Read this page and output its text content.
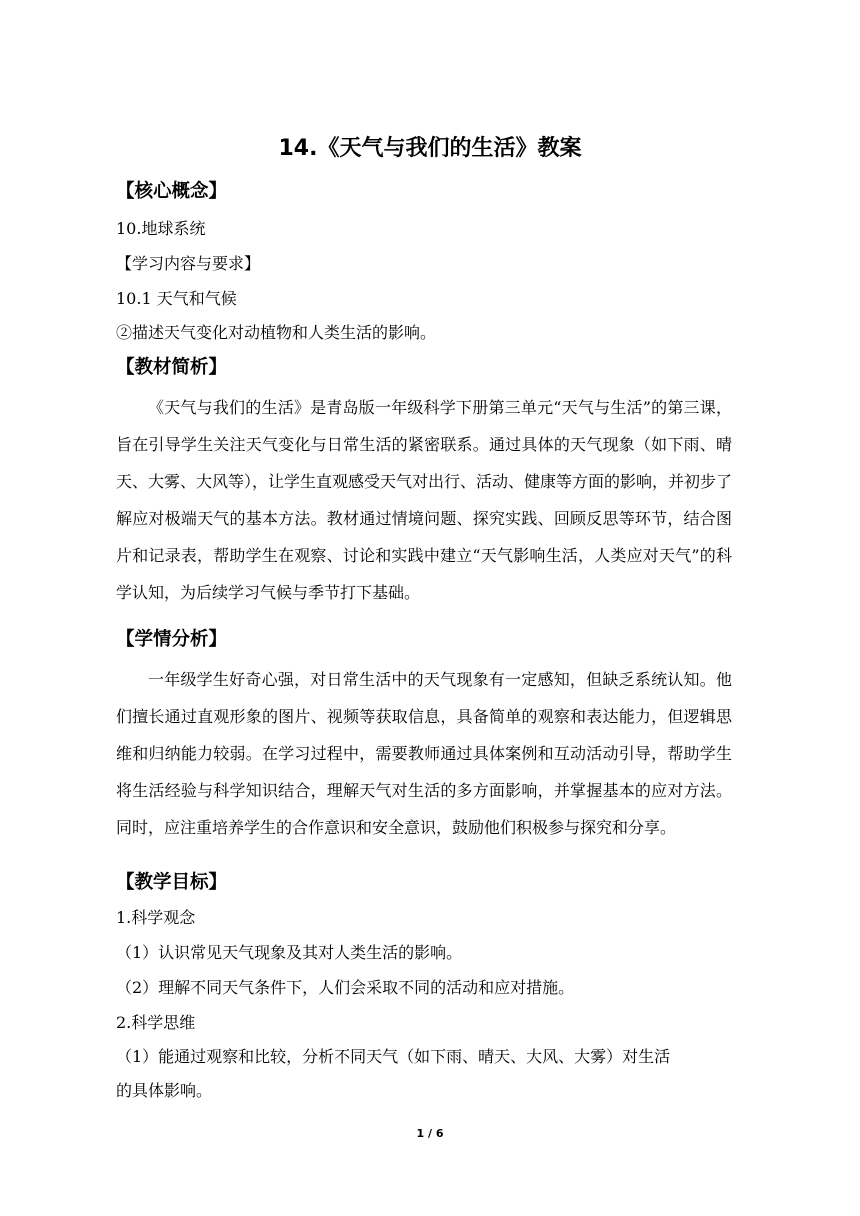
14.《天气与我们的生活》教案
【核心概念】
10.地球系统
【学习内容与要求】
10.1 天气和气候
②描述天气变化对动植物和人类生活的影响。
【教材简析】
《天气与我们的生活》是青岛版一年级科学下册第三单元“天气与生活”的第三课，旨在引导学生关注天气变化与日常生活的紧密联系。通过具体的天气现象（如下雨、晴天、大雾、大风等），让学生直观感受天气对出行、活动、健康等方面的影响，并初步了解应对极端天气的基本方法。教材通过情境问题、探究实践、回顾反思等环节，结合图片和记录表，帮助学生在观察、讨论和实践中建立“天气影响生活，人类应对天气”的科学认知，为后续学习气候与季节打下基础。
【学情分析】
一年级学生好奇心强，对日常生活中的天气现象有一定感知，但缺乏系统认知。他们擅长通过直观形象的图片、视频等获取信息，具备简单的观察和表达能力，但逻辑思维和归纳能力较弱。在学习过程中，需要教师通过具体案例和互动活动引导，帮助学生将生活经验与科学知识结合，理解天气对生活的多方面影响，并掌握基本的应对方法。同时，应注重培养学生的合作意识和安全意识，鼓励他们积极参与探究和分享。
【教学目标】
1.科学观念
（1）认识常见天气现象及其对人类生活的影响。
（2）理解不同天气条件下，人们会采取不同的活动和应对措施。
2.科学思维
（1）能通过观察和比较，分析不同天气（如下雨、晴天、大风、大雾）对生活
的具体影响。
1 / 6
